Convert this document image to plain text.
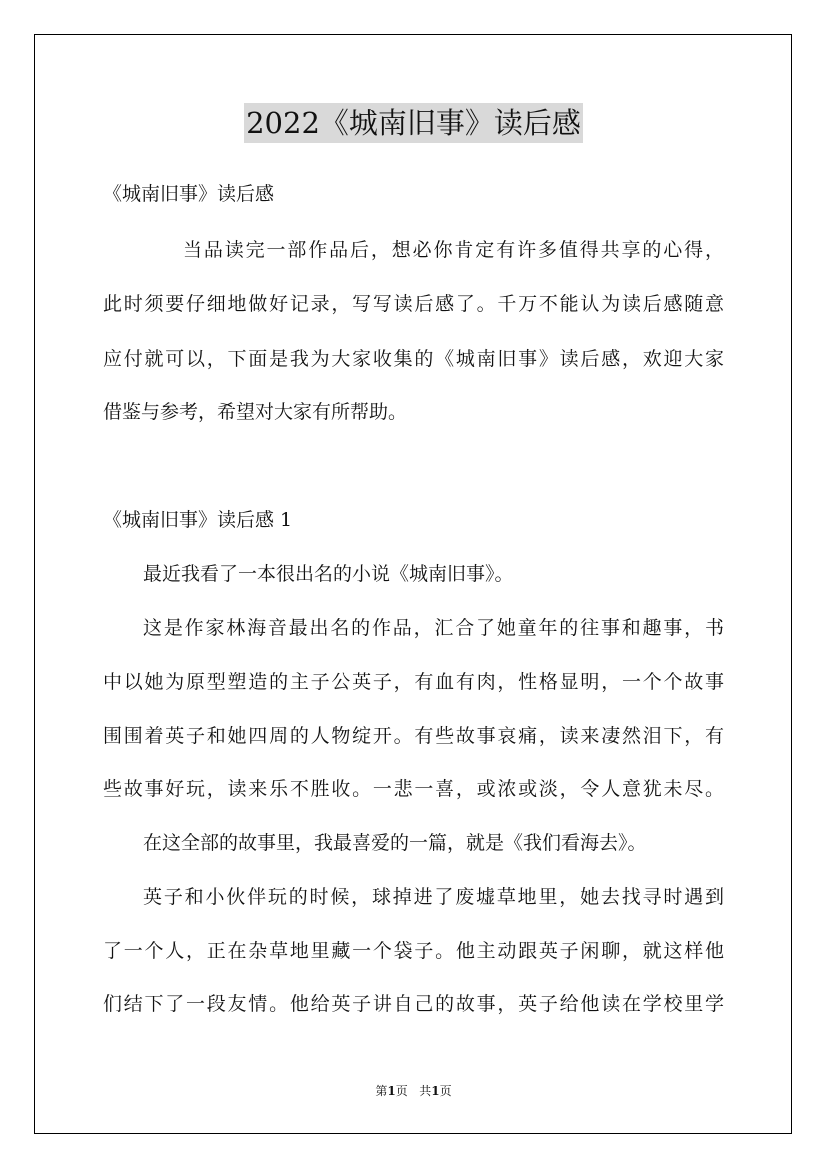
2022《城南旧事》读后感
《城南旧事》读后感
当品读完一部作品后，想必你肯定有许多值得共享的心得，
此时须要仔细地做好记录，写写读后感了。千万不能认为读后感随意
应付就可以，下面是我为大家收集的《城南旧事》读后感，欢迎大家
借鉴与参考，希望对大家有所帮助。
《城南旧事》读后感 1
最近我看了一本很出名的小说《城南旧事》。
这是作家林海音最出名的作品，汇合了她童年的往事和趣事，书
中以她为原型塑造的主子公英子，有血有肉，性格显明，一个个故事
围围着英子和她四周的人物绽开。有些故事哀痛，读来凄然泪下，有
些故事好玩，读来乐不胜收。一悲一喜，或浓或淡，令人意犹未尽。
在这全部的故事里，我最喜爱的一篇，就是《我们看海去》。
英子和小伙伴玩的时候，球掉进了废墟草地里，她去找寻时遇到
了一个人，正在杂草地里藏一个袋子。他主动跟英子闲聊，就这样他
们结下了一段友情。他给英子讲自己的故事，英子给他读在学校里学
第1页   共1页
